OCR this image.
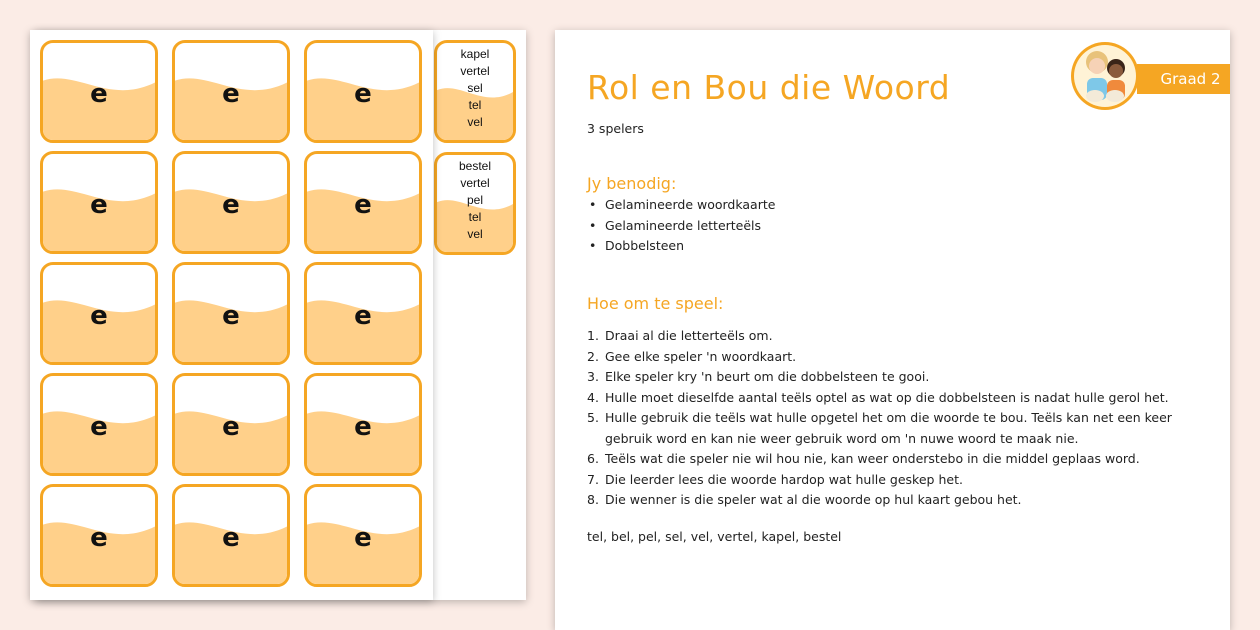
kapel
vertel
sel
tel
vel
bestel
vertel
pel
tel
vel
e	e	e
e	e	e
e	e	e
e	e	e
e	e	e
Graad 2
Rol en Bou die Woord
3 spelers
Jy benodig:
• Gelamineerde woordkaarte
• Gelamineerde letterteëls
• Dobbelsteen
Hoe om te speel:
1. Draai al die letterteëls om.
2. Gee elke speler 'n woordkaart.
3. Elke speler kry 'n beurt om die dobbelsteen te gooi.
4. Hulle moet dieselfde aantal teëls optel as wat op die dobbelsteen is nadat hulle gerol het.
5. Hulle gebruik die teëls wat hulle opgetel het om die woorde te bou. Teëls kan net een keer gebruik word en kan nie weer gebruik word om 'n nuwe woord te maak nie.
6. Teëls wat die speler nie wil hou nie, kan weer onderstebo in die middel geplaas word.
7. Die leerder lees die woorde hardop wat hulle geskep het.
8. Die wenner is die speler wat al die woorde op hul kaart gebou het.
tel, bel, pel, sel, vel, vertel, kapel, bestel
